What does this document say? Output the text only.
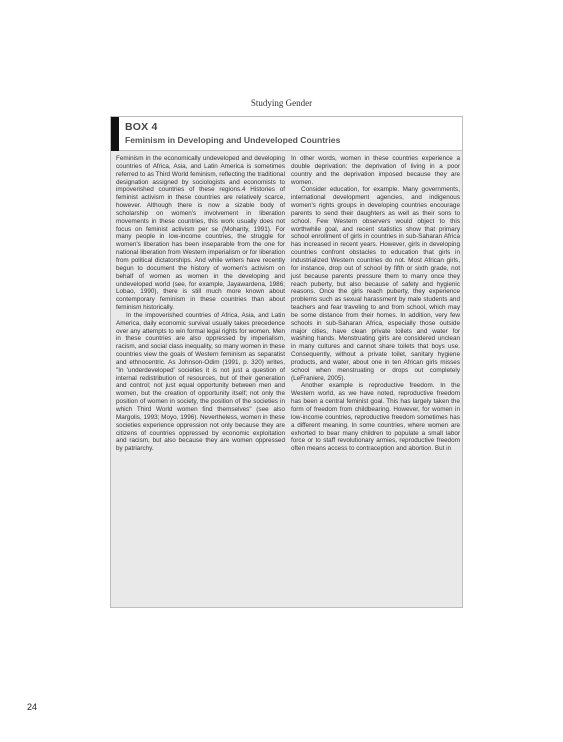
Studying Gender
BOX 4
Feminism in Developing and Undeveloped Countries

Feminism in the economically undeveloped and developing countries of Africa, Asia, and Latin America is sometimes referred to as Third World feminism, reflecting the traditional designation assigned by sociologists and economists to impoverished countries of these regions.4 Histories of feminist activism in these countries are relatively scarce, however. Although there is now a sizable body of scholarship on women's involvement in liberation movements in these countries, this work usually does not focus on feminist activism per se (Mohanty, 1991). For many people in low-income countries, the struggle for women's liberation has been inseparable from the one for national liberation from Western imperialism or for liberation from political dictatorships. And while writers have recently begun to document the history of women's activism on behalf of women as women in the developing and undeveloped world (see, for example, Jayawardena, 1986; Lobao, 1990), there is still much more known about contemporary feminism in these countries than about feminism historically.

In the impoverished countries of Africa, Asia, and Latin America, daily economic survival usually takes precedence over any attempts to win formal legal rights for women. Men in these countries are also oppressed by imperialism, racism, and social class inequality, so many women in these countries view the goals of Western feminism as separatist and ethnocentric. As Johnson-Odim (1991, p. 320) writes, "In 'underdeveloped' societies it is not just a question of internal redistribution of resources, but of their generation and control; not just equal opportunity between men and women, but the creation of opportunity itself; not only the position of women in society, the position of the societies in which Third World women find themselves" (see also Margolis, 1993; Moyo, 1996). Nevertheless, women in these societies experience oppression not only because they are citizens of countries oppressed by economic exploitation and racism, but also because they are women oppressed by patriarchy.

In other words, women in these countries experience a double deprivation: the deprivation of living in a poor country and the deprivation imposed because they are women.

Consider education, for example. Many governments, international development agencies, and indigenous women's rights groups in developing countries encourage parents to send their daughters as well as their sons to school. Few Western observers would object to this worthwhile goal, and recent statistics show that primary school enrollment of girls in countries in sub-Saharan Africa has increased in recent years. However, girls in developing countries confront obstacles to education that girls in industrialized Western countries do not. Most African girls, for instance, drop out of school by fifth or sixth grade, not just because parents pressure them to marry once they reach puberty, but also because of safety and hygienic reasons. Once the girls reach puberty, they experience problems such as sexual harassment by male students and teachers and fear traveling to and from school, which may be some distance from their homes. In addition, very few schools in sub-Saharan Africa, especially those outside major cities, have clean private toilets and water for washing hands. Menstruating girls are considered unclean in many cultures and cannot share toilets that boys use. Consequently, without a private toilet, sanitary hygiene products, and water, about one in ten African girls misses school when menstruating or drops out completely (LeFraniere, 2005).

Another example is reproductive freedom. In the Western world, as we have noted, reproductive freedom has been a central feminist goal. This has largely taken the form of freedom from childbearing. However, for women in low-income countries, reproductive freedom sometimes has a different meaning. In some countries, where women are exhorted to bear many children to populate a small labor force or to staff revolutionary armies, reproductive freedom often means access to contraception and abortion. But in

24
